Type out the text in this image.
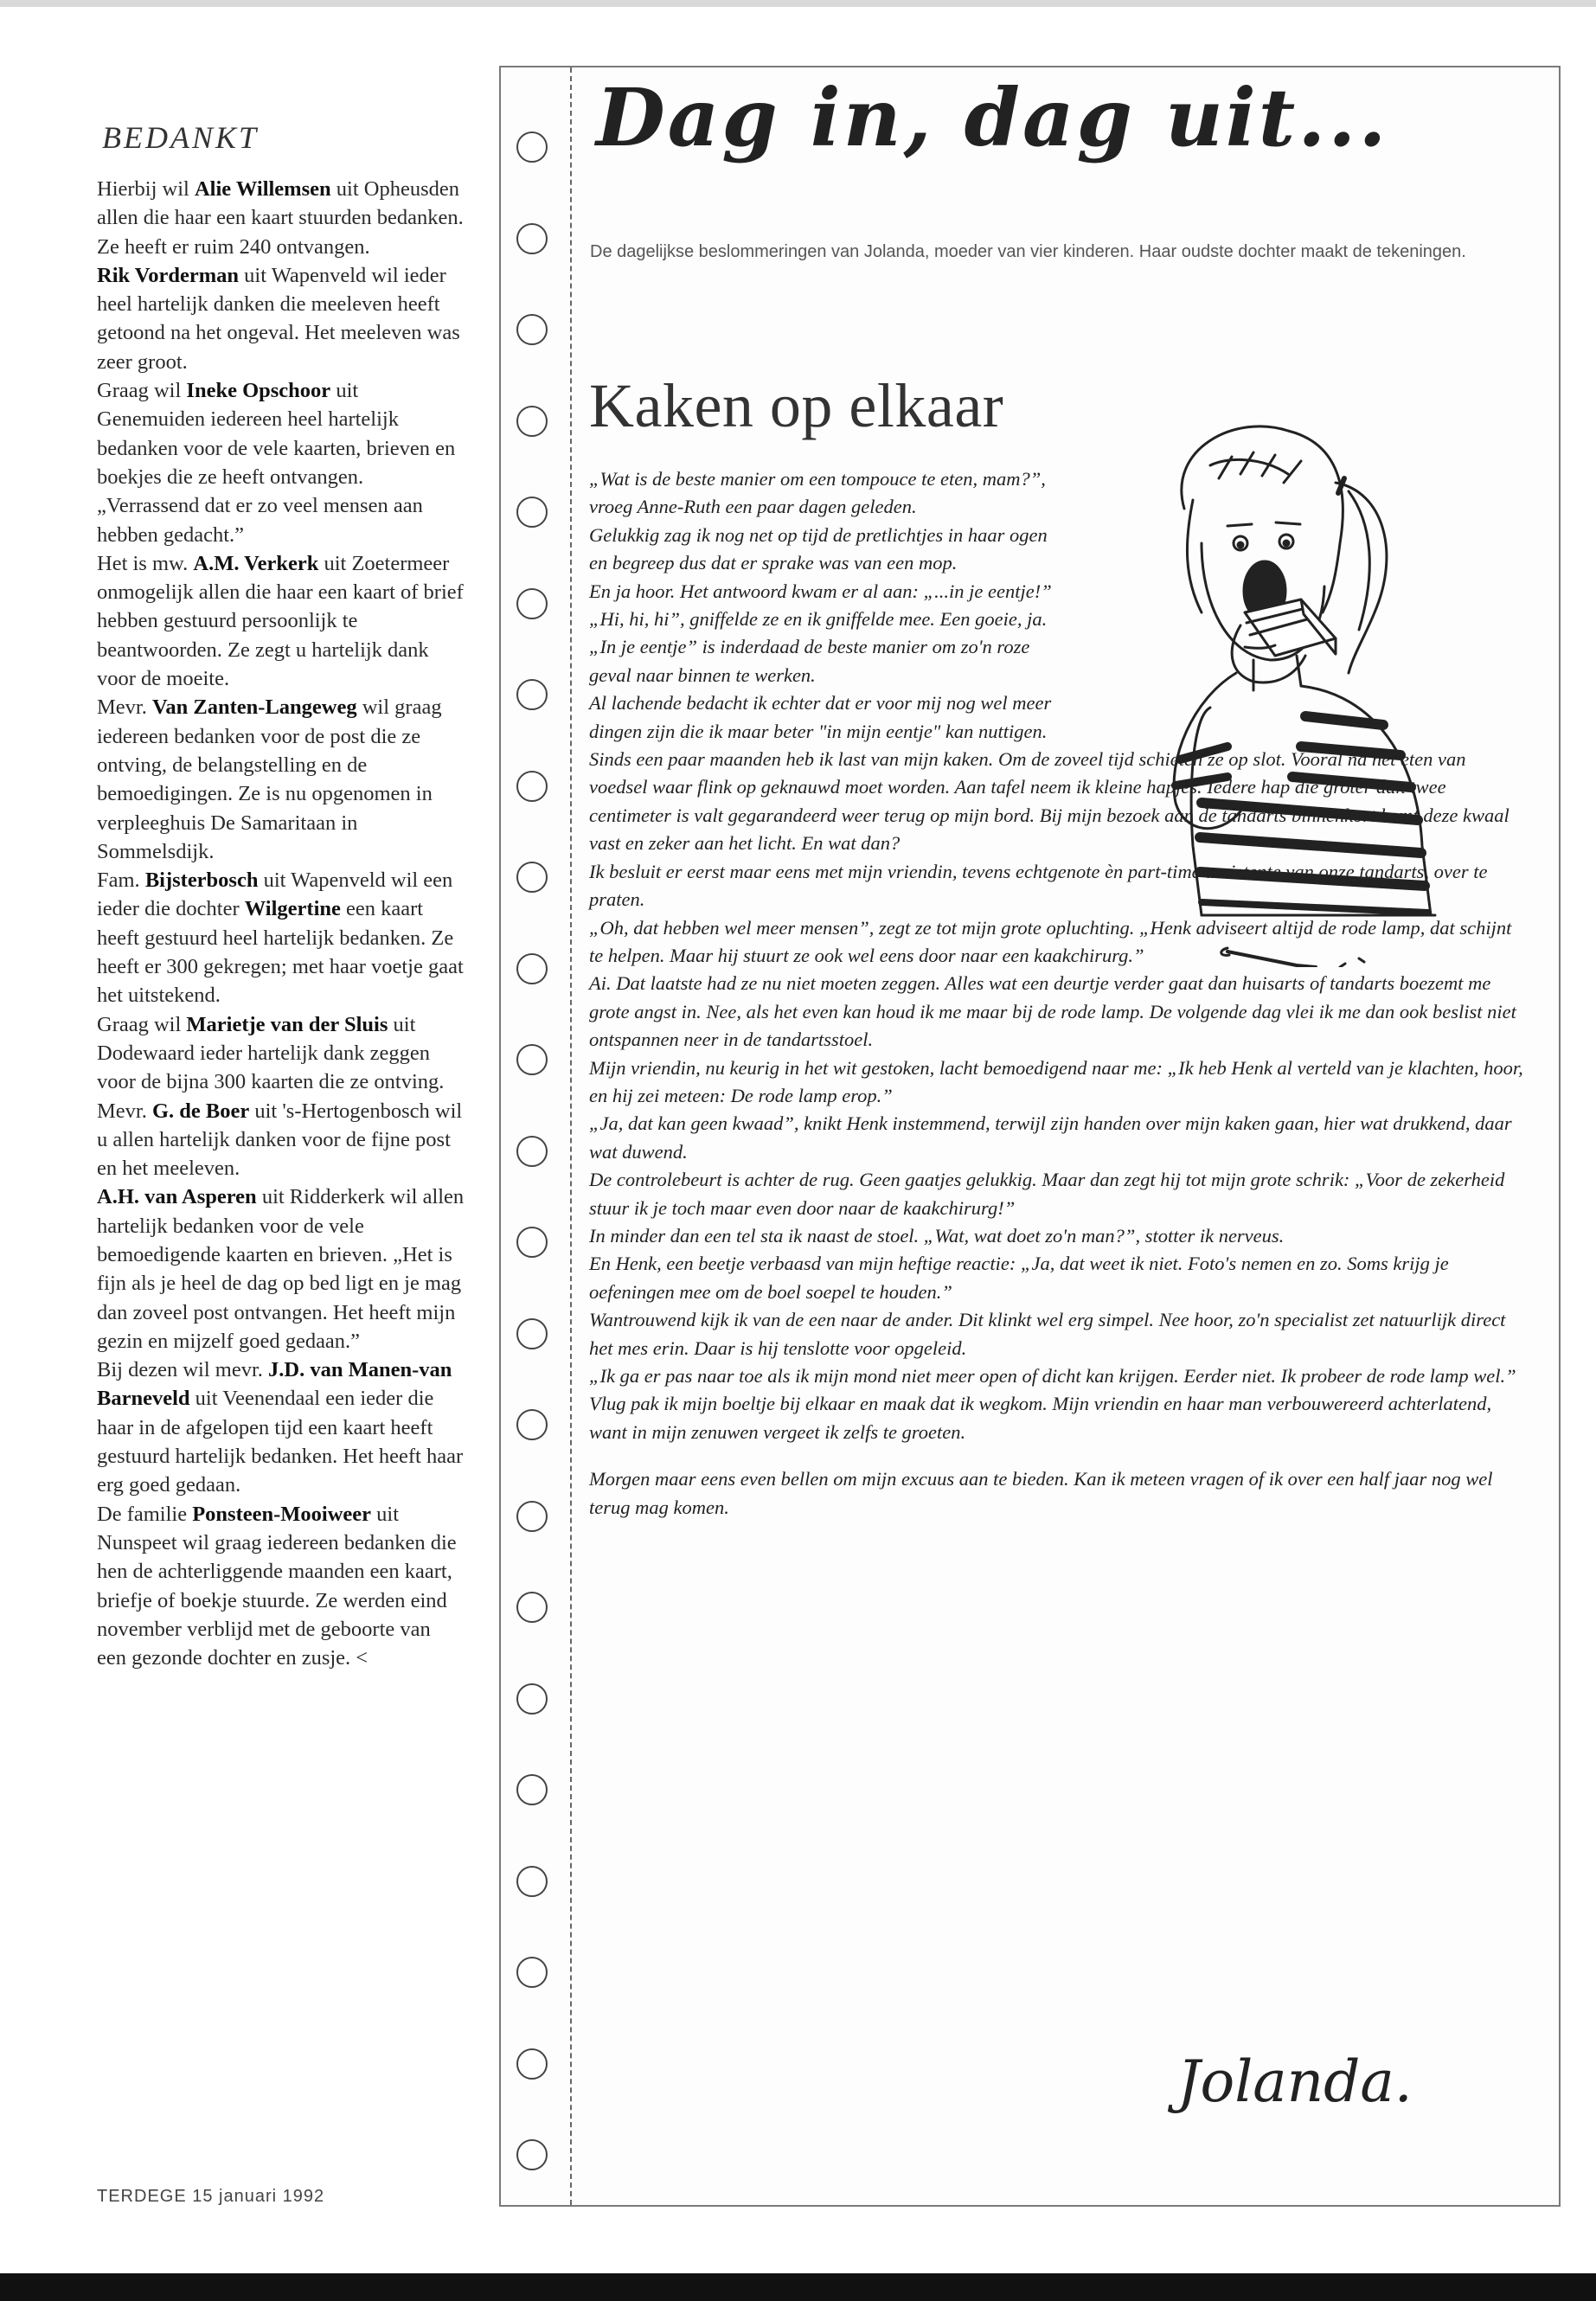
BEDANKT

Hierbij wil Alie Willemsen uit Opheusden allen die haar een kaart stuurden bedanken. Ze heeft er ruim 240 ontvangen.

Rik Vorderman uit Wapenveld wil ieder heel hartelijk danken die meeleven heeft getoond na het ongeval. Het meeleven was zeer groot.

Graag wil Ineke Opschoor uit Genemuiden iedereen heel hartelijk bedanken voor de vele kaarten, brieven en boekjes die ze heeft ontvangen. „Verrassend dat er zo veel mensen aan hebben gedacht.”

Het is mw. A.M. Verkerk uit Zoetermeer onmogelijk allen die haar een kaart of brief hebben gestuurd persoonlijk te beantwoorden. Ze zegt u hartelijk dank voor de moeite.

Mevr. Van Zanten-Langeweg wil graag iedereen bedanken voor de post die ze ontving, de belangstelling en de bemoedigingen. Ze is nu opgenomen in verpleeghuis De Samaritaan in Sommelsdijk.

Fam. Bijsterbosch uit Wapenveld wil een ieder die dochter Wilgertine een kaart heeft gestuurd heel hartelijk bedanken. Ze heeft er 300 gekregen; met haar voetje gaat het uitstekend.

Graag wil Marietje van der Sluis uit Dodewaard ieder hartelijk dank zeggen voor de bijna 300 kaarten die ze ontving.

Mevr. G. de Boer uit 's-Hertogenbosch wil u allen hartelijk danken voor de fijne post en het meeleven.

A.H. van Asperen uit Ridderkerk wil allen hartelijk bedanken voor de vele bemoedigende kaarten en brieven. „Het is fijn als je heel de dag op bed ligt en je mag dan zoveel post ontvangen. Het heeft mijn gezin en mijzelf goed gedaan.”

Bij dezen wil mevr. J.D. van Manen-van Barneveld uit Veenendaal een ieder die haar in de afgelopen tijd een kaart heeft gestuurd hartelijk bedanken. Het heeft haar erg goed gedaan.

De familie Ponsteen-Mooiweer uit Nunspeet wil graag iedereen bedanken die hen de achterliggende maanden een kaart, briefje of boekje stuurde. Ze werden eind november verblijd met de geboorte van een gezonde dochter en zusje. <

TERDEGE 15 januari 1992
Dag in, dag uit...
De dagelijkse beslommeringen van Jolanda, moeder van vier kinderen. Haar oudste dochter maakt de tekeningen.
Kaken op elkaar

„Wat is de beste manier om een tompouce te eten, mam?”, vroeg Anne-Ruth een paar dagen geleden.

Gelukkig zag ik nog net op tijd de pretlichtjes in haar ogen en begreep dus dat er sprake was van een mop.

En ja hoor. Het antwoord kwam er al aan: „...in je eentje!”

„Hi, hi, hi”, gniffelde ze en ik gniffelde mee. Een goeie, ja.

„In je eentje” is inderdaad de beste manier om zo'n roze geval naar binnen te werken.

Al lachende bedacht ik echter dat er voor mij nog wel meer dingen zijn die ik maar beter "in mijn eentje" kan nuttigen.

Sinds een paar maanden heb ik last van mijn kaken. Om de zoveel tijd schieten ze op slot. Vooral na het eten van voedsel waar flink op geknauwd moet worden. Aan tafel neem ik kleine hapjes. Iedere hap die groter dan twee centimeter is valt gegarandeerd weer terug op mijn bord. Bij mijn bezoek aan de tandarts binnenkort komt deze kwaal vast en zeker aan het licht. En wat dan?

Ik besluit er eerst maar eens met mijn vriendin, tevens echtgenote èn part-time assistente van onze tandarts, over te praten.

„Oh, dat hebben wel meer mensen”, zegt ze tot mijn grote opluchting. „Henk adviseert altijd de rode lamp, dat schijnt te helpen. Maar hij stuurt ze ook wel eens door naar een kaakchirurg.”

Ai. Dat laatste had ze nu niet moeten zeggen. Alles wat een deurtje verder gaat dan huisarts of tandarts boezemt me grote angst in. Nee, als het even kan houd ik me maar bij de rode lamp. De volgende dag vlei ik me dan ook beslist niet ontspannen neer in de tandartsstoel.

Mijn vriendin, nu keurig in het wit gestoken, lacht bemoedigend naar me: „Ik heb Henk al verteld van je klachten, hoor, en hij zei meteen: De rode lamp erop.”

„Ja, dat kan geen kwaad”, knikt Henk instemmend, terwijl zijn handen over mijn kaken gaan, hier wat drukkend, daar wat duwend.

De controlebeurt is achter de rug. Geen gaatjes gelukkig. Maar dan zegt hij tot mijn grote schrik: „Voor de zekerheid stuur ik je toch maar even door naar de kaakchirurg!”

In minder dan een tel sta ik naast de stoel. „Wat, wat doet zo'n man?”, stotter ik nerveus.

En Henk, een beetje verbaasd van mijn heftige reactie: „Ja, dat weet ik niet. Foto's nemen en zo. Soms krijg je oefeningen mee om de boel soepel te houden.”

Wantrouwend kijk ik van de een naar de ander. Dit klinkt wel erg simpel. Nee hoor, zo'n specialist zet natuurlijk direct het mes erin. Daar is hij tenslotte voor opgeleid.

„Ik ga er pas naar toe als ik mijn mond niet meer open of dicht kan krijgen. Eerder niet. Ik probeer de rode lamp wel.”

Vlug pak ik mijn boeltje bij elkaar en maak dat ik wegkom. Mijn vriendin en haar man verbouwereerd achterlatend, want in mijn zenuwen vergeet ik zelfs te groeten.

Morgen maar eens even bellen om mijn excuus aan te bieden. Kan ik meteen vragen of ik over een half jaar nog wel terug mag komen.

Jolanda.
